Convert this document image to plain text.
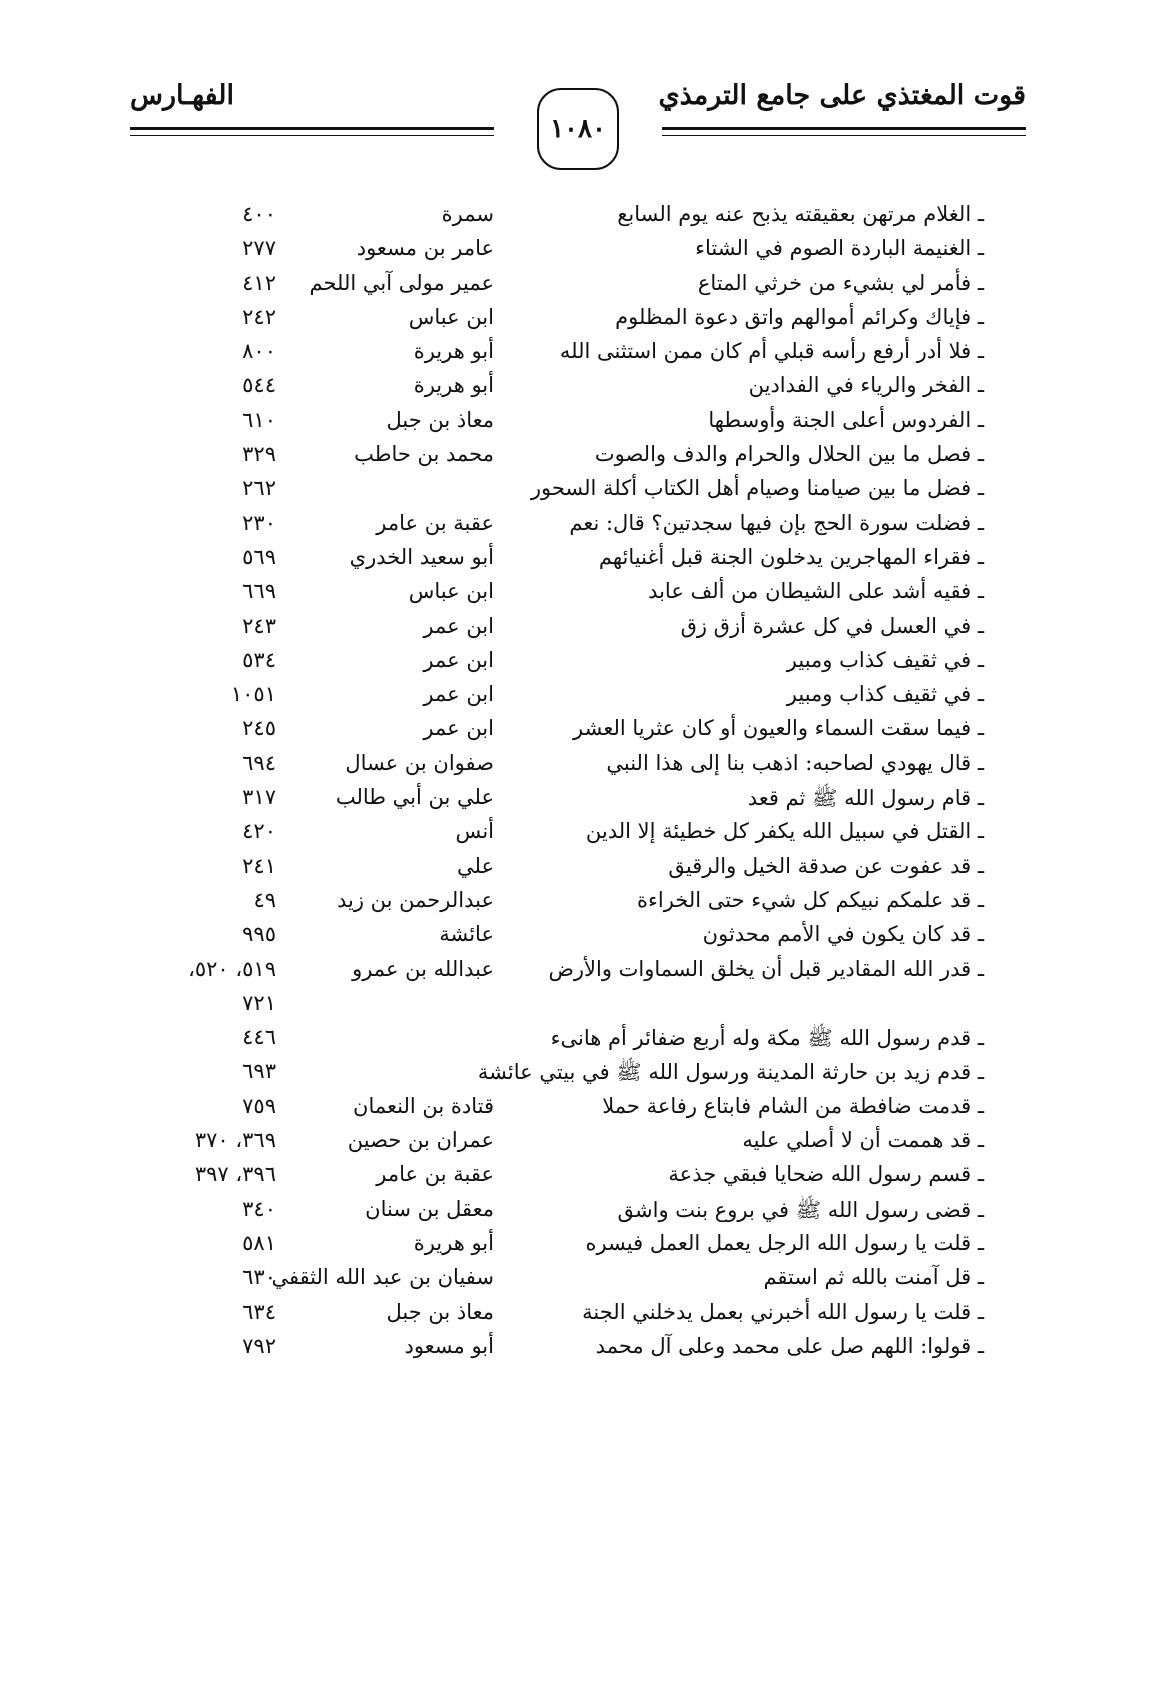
قوت المغتذي على جامع الترمذي
الفهـارس
١٠٨٠
ـ الغلام مرتهن بعقيقته يذبح عنه يوم السابع
سمرة
٤٠٠
ـ الغنيمة الباردة الصوم في الشتاء
عامر بن مسعود
٢٧٧
ـ فأمر لي بشيء من خرثي المتاع
عمير مولى آبي اللحم
٤١٢
ـ فإياك وكرائم أموالهم واتق دعوة المظلوم
ابن عباس
٢٤٢
ـ فلا أدر أرفع رأسه قبلي أم كان ممن استثنى الله
أبو هريرة
٨٠٠
ـ الفخر والرياء في الفدادين
أبو هريرة
٥٤٤
ـ الفردوس أعلى الجنة وأوسطها
معاذ بن جبل
٦١٠
ـ فصل ما بين الحلال والحرام والدف والصوت
محمد بن حاطب
٣٢٩
ـ فضل ما بين صيامنا وصيام أهل الكتاب أكلة السحور
٢٦٢
ـ فضلت سورة الحج بإن فيها سجدتين؟ قال: نعم
عقبة بن عامر
٢٣٠
ـ فقراء المهاجرين يدخلون الجنة قبل أغنيائهم
أبو سعيد الخدري
٥٦٩
ـ فقيه أشد على الشيطان من ألف عابد
ابن عباس
٦٦٩
ـ في العسل في كل عشرة أزق زق
ابن عمر
٢٤٣
ـ في ثقيف كذاب ومبير
ابن عمر
٥٣٤
ـ في ثقيف كذاب ومبير
ابن عمر
١٠٥١
ـ فيما سقت السماء والعيون أو كان عثريا العشر
ابن عمر
٢٤٥
ـ قال يهودي لصاحبه: اذهب بنا إلى هذا النبي
صفوان بن عسال
٦٩٤
ـ قام رسول الله ﷺ ثم قعد
علي بن أبي طالب
٣١٧
ـ القتل في سبيل الله يكفر كل خطيئة إلا الدين
أنس
٤٢٠
ـ قد عفوت عن صدقة الخيل والرقيق
علي
٢٤١
ـ قد علمكم نبيكم كل شيء حتى الخراءة
عبدالرحمن بن زيد
٤٩
ـ قد كان يكون في الأمم محدثون
عائشة
٩٩٥
ـ قدر الله المقادير قبل أن يخلق السماوات والأرض
عبدالله بن عمرو
٥١٩، ٥٢٠،
٧٢١
ـ قدم رسول الله ﷺ مكة وله أربع ضفائر أم هانىء
٤٤٦
ـ قدم زيد بن حارثة المدينة ورسول الله ﷺ في بيتي عائشة
٦٩٣
ـ قدمت ضافطة من الشام فابتاع رفاعة حملا
قتادة بن النعمان
٧٥٩
ـ قد هممت أن لا أصلي عليه
عمران بن حصين
٣٦٩، ٣٧٠
ـ قسم رسول الله ضحايا فبقي جذعة
عقبة بن عامر
٣٩٦، ٣٩٧
ـ قضى رسول الله ﷺ في بروع بنت واشق
معقل بن سنان
٣٤٠
ـ قلت يا رسول الله الرجل يعمل العمل فيسره
أبو هريرة
٥٨١
ـ قل آمنت بالله ثم استقم
سفيان بن عبد الله الثقفي
٦٣٠
ـ قلت يا رسول الله أخبرني بعمل يدخلني الجنة
معاذ بن جبل
٦٣٤
ـ قولوا: اللهم صل على محمد وعلى آل محمد
أبو مسعود
٧٩٢
